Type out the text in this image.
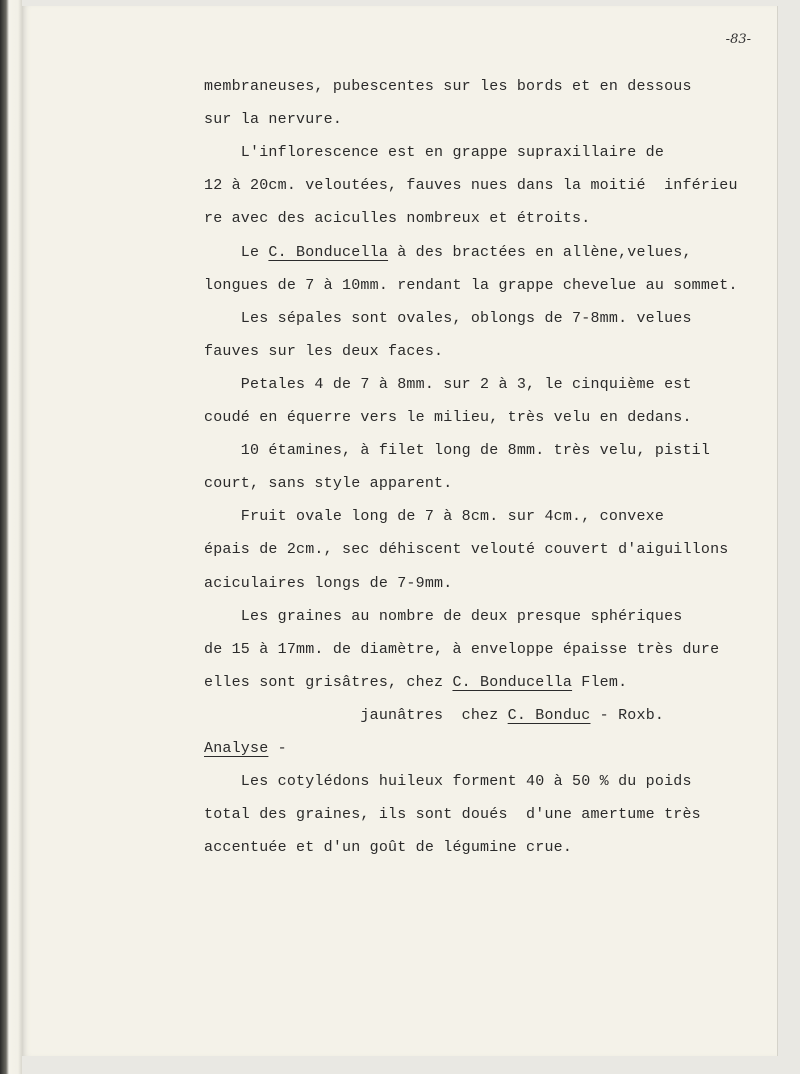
-83-
membraneuses, pubescentes sur les bords et en dessous
sur la nervure.
L'inflorescence est en grappe supraxillaire de
12 à 20cm. veloutées, fauves nues dans la moitié  inférieu
re avec des aciculles nombreux et étroits.
Le C. Bonducella à des bractées en allène,velues,
longues de 7 à 10mm. rendant la grappe chevelue au sommet.
Les sépales sont ovales, oblongs de 7-8mm. velues
fauves sur les deux faces.
Petales 4 de 7 à 8mm. sur 2 à 3, le cinquième est
coudé en équerre vers le milieu, très velu en dedans.
10 étamines, à filet long de 8mm. très velu, pistil
court, sans style apparent.
Fruit ovale long de 7 à 8cm. sur 4cm., convexe
épais de 2cm., sec déhiscent velouté couvert d'aiguillons
aciculaires longs de 7-9mm.
Les graines au nombre de deux presque sphériques
de 15 à 17mm. de diamètre, à enveloppe épaisse très dure
elles sont grisâtres, chez C. Bonducella Flem.
jaunâtres  chez C. Bonduc - Roxb.
Analyse -
Les cotylédons huileux forment 40 à 50 % du poids
total des graines, ils sont doués  d'une amertume très
accentuée et d'un goût de légumine crue.
